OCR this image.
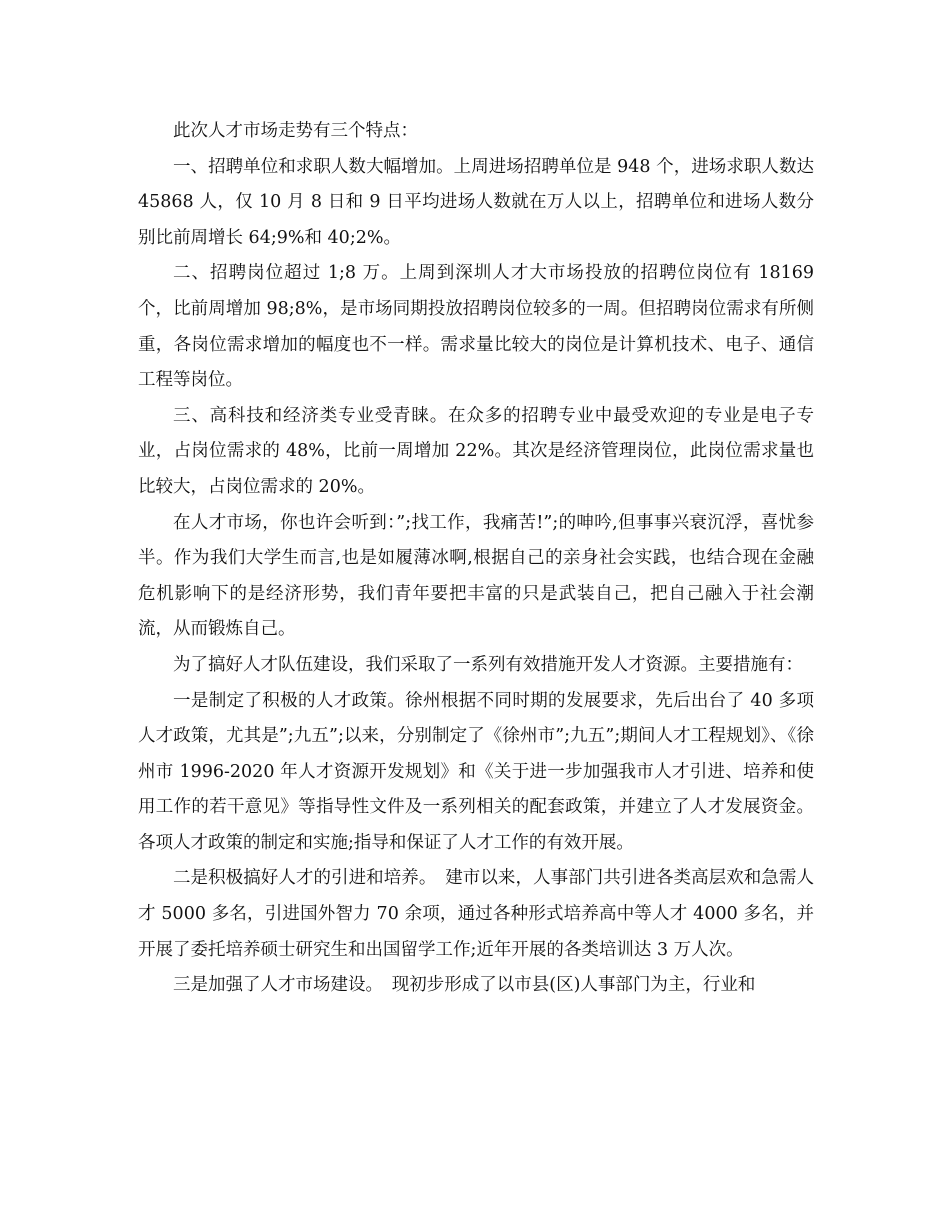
此次人才市场走势有三个特点：

一、招聘单位和求职人数大幅增加。上周进场招聘单位是 948 个，进场求职人数达 45868 人，仅 10 月 8 日和 9 日平均进场人数就在万人以上，招聘单位和进场人数分别比前周增长 64;9%和 40;2%。

二、招聘岗位超过 1;8 万。上周到深圳人才大市场投放的招聘位岗位有 18169 个，比前周增加 98;8%，是市场同期投放招聘岗位较多的一周。但招聘岗位需求有所侧重，各岗位需求增加的幅度也不一样。需求量比较大的岗位是计算机技术、电子、通信工程等岗位。

三、高科技和经济类专业受青睐。在众多的招聘专业中最受欢迎的专业是电子专业，占岗位需求的 48%，比前一周增加 22%。其次是经济管理岗位，此岗位需求量也比较大，占岗位需求的 20%。

在人才市场，你也许会听到：”;找工作，我痛苦!”;的呻吟,但事事兴衰沉浮，喜忧参半。作为我们大学生而言,也是如履薄冰啊,根据自己的亲身社会实践，也结合现在金融危机影响下的是经济形势，我们青年要把丰富的只是武装自己，把自己融入于社会潮流，从而锻炼自己。

为了搞好人才队伍建设，我们采取了一系列有效措施开发人才资源。主要措施有：

一是制定了积极的人才政策。徐州根据不同时期的发展要求，先后出台了 40 多项人才政策，尤其是”;九五”;以来，分别制定了《徐州市”;九五”;期间人才工程规划》、《徐州市 1996-2020 年人才资源开发规划》和《关于进一步加强我市人才引进、培养和使用工作的若干意见》等指导性文件及一系列相关的配套政策，并建立了人才发展资金。各项人才政策的制定和实施;指导和保证了人才工作的有效开展。

二是积极搞好人才的引进和培养。　建市以来，人事部门共引进各类高层欢和急需人才 5000 多名，引进国外智力 70 余项，通过各种形式培养高中等人才 4000 多名，并开展了委托培养硕士研究生和出国留学工作;近年开展的各类培训达 3 万人次。

三是加强了人才市场建设。　现初步形成了以市县(区)人事部门为主，行业和
